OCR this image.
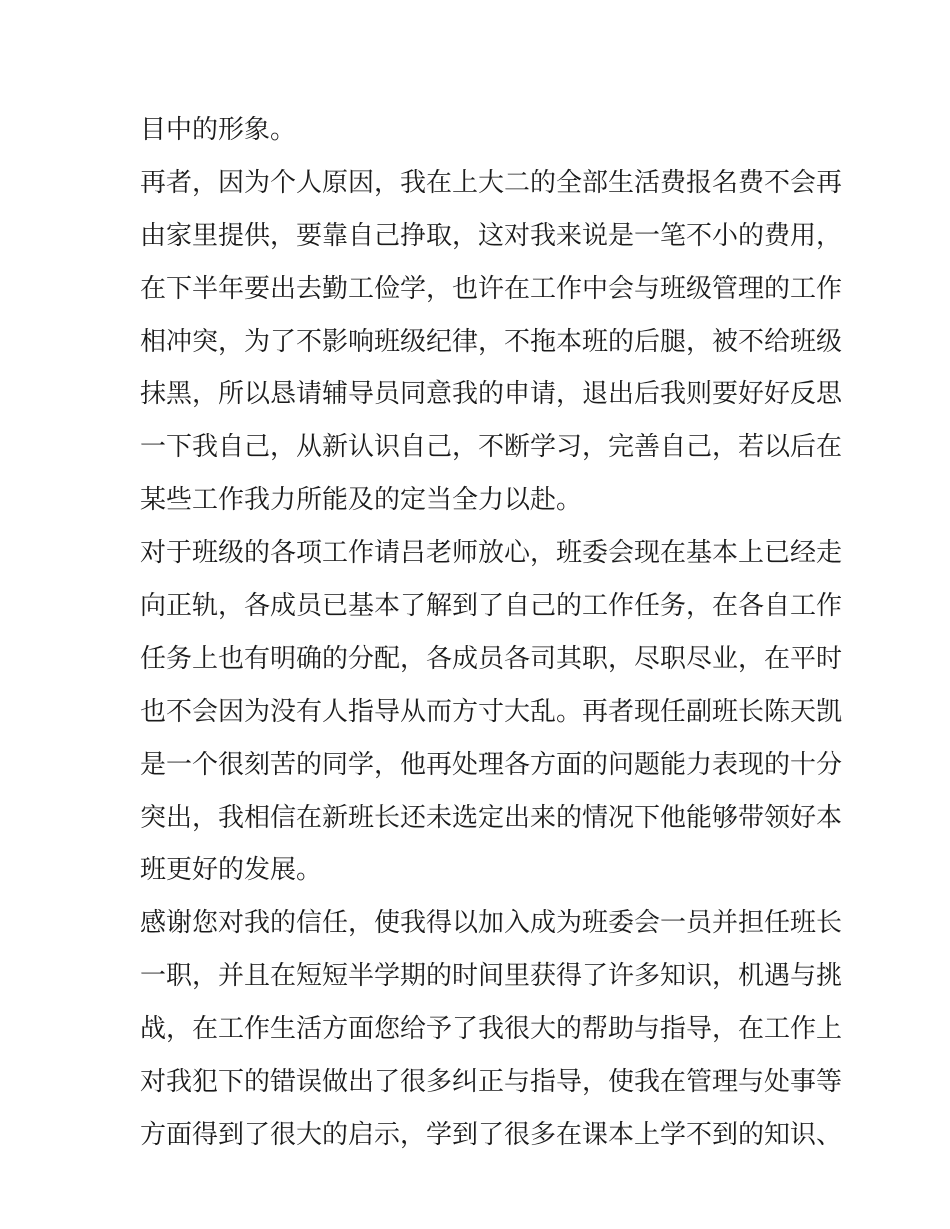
目中的形象。
再者，因为个人原因，我在上大二的全部生活费报名费不会再
由家里提供，要靠自己挣取，这对我来说是一笔不小的费用，
在下半年要出去勤工俭学，也许在工作中会与班级管理的工作
相冲突，为了不影响班级纪律，不拖本班的后腿，被不给班级
抹黑，所以恳请辅导员同意我的申请，退出后我则要好好反思
一下我自己，从新认识自己，不断学习，完善自己，若以后在
某些工作我力所能及的定当全力以赴。
对于班级的各项工作请吕老师放心，班委会现在基本上已经走
向正轨，各成员已基本了解到了自己的工作任务，在各自工作
任务上也有明确的分配，各成员各司其职，尽职尽业，在平时
也不会因为没有人指导从而方寸大乱。再者现任副班长陈天凯
是一个很刻苦的同学，他再处理各方面的问题能力表现的十分
突出，我相信在新班长还未选定出来的情况下他能够带领好本
班更好的发展。
感谢您对我的信任，使我得以加入成为班委会一员并担任班长
一职，并且在短短半学期的时间里获得了许多知识，机遇与挑
战，在工作生活方面您给予了我很大的帮助与指导，在工作上
对我犯下的错误做出了很多纠正与指导，使我在管理与处事等
方面得到了很大的启示，学到了很多在课本上学不到的知识、
